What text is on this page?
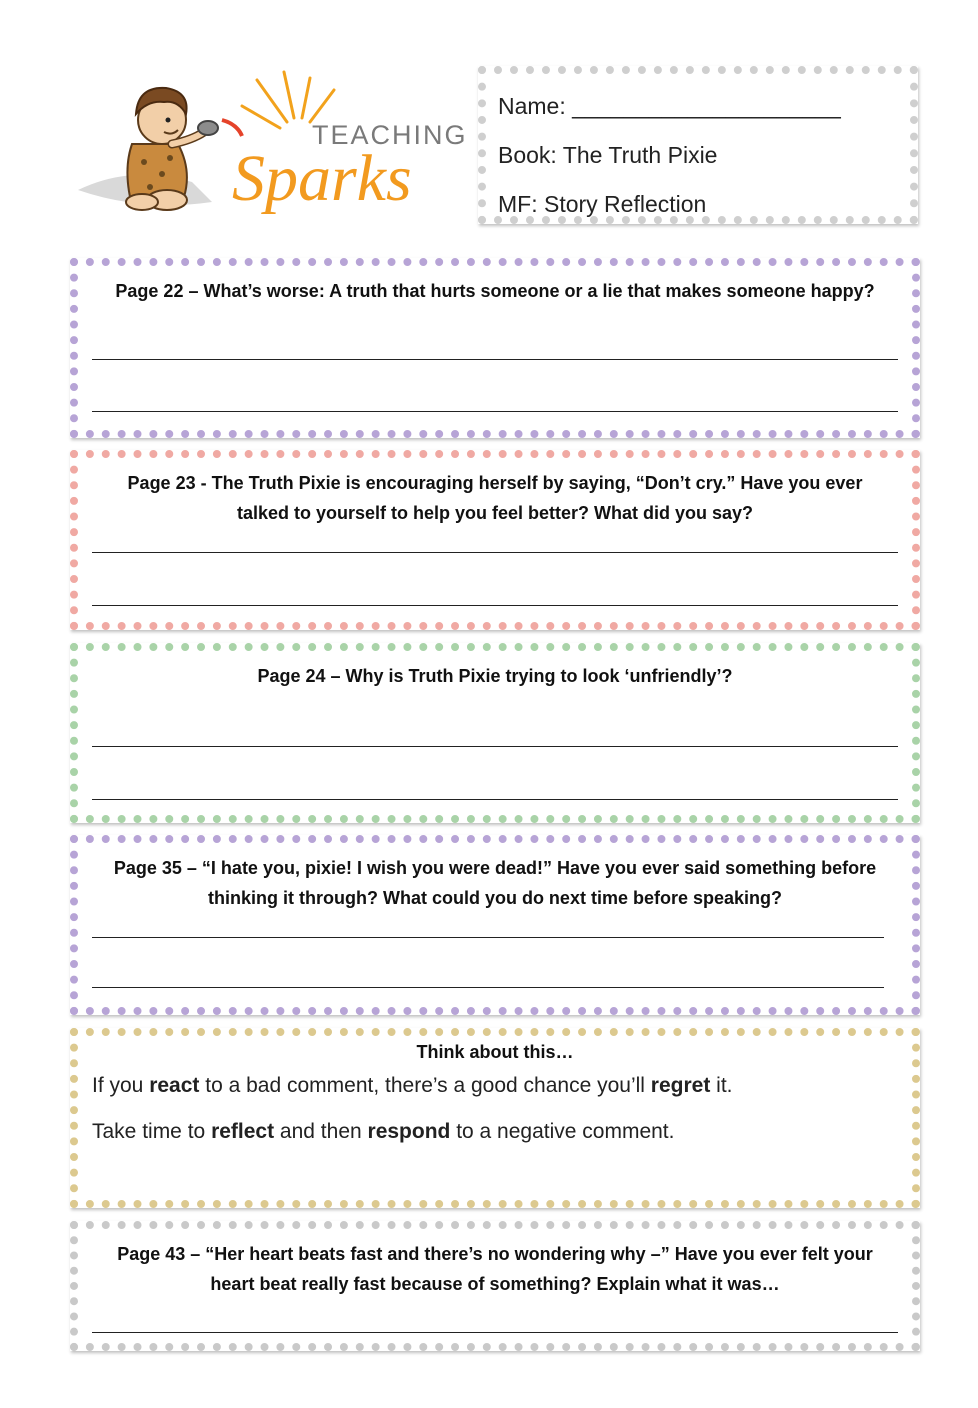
TEACHING
Sparks
Name: _____________________
Book: The Truth Pixie
MF: Story Reflection
Page 22 – What’s worse: A truth that hurts someone or a lie that makes someone happy?
Page 23 - The Truth Pixie is encouraging herself by saying, “Don’t cry.” Have you ever talked to yourself to help you feel better? What did you say?
Page 24 – Why is Truth Pixie trying to look ‘unfriendly’?
Page 35 – “I hate you, pixie! I wish you were dead!” Have you ever said something before thinking it through? What could you do next time before speaking?
Think about this…
If you react to a bad comment, there’s a good chance you’ll regret it.
Take time to reflect and then respond to a negative comment.
Page 43 – “Her heart beats fast and there’s no wondering why –” Have you ever felt your heart beat really fast because of something? Explain what it was…
